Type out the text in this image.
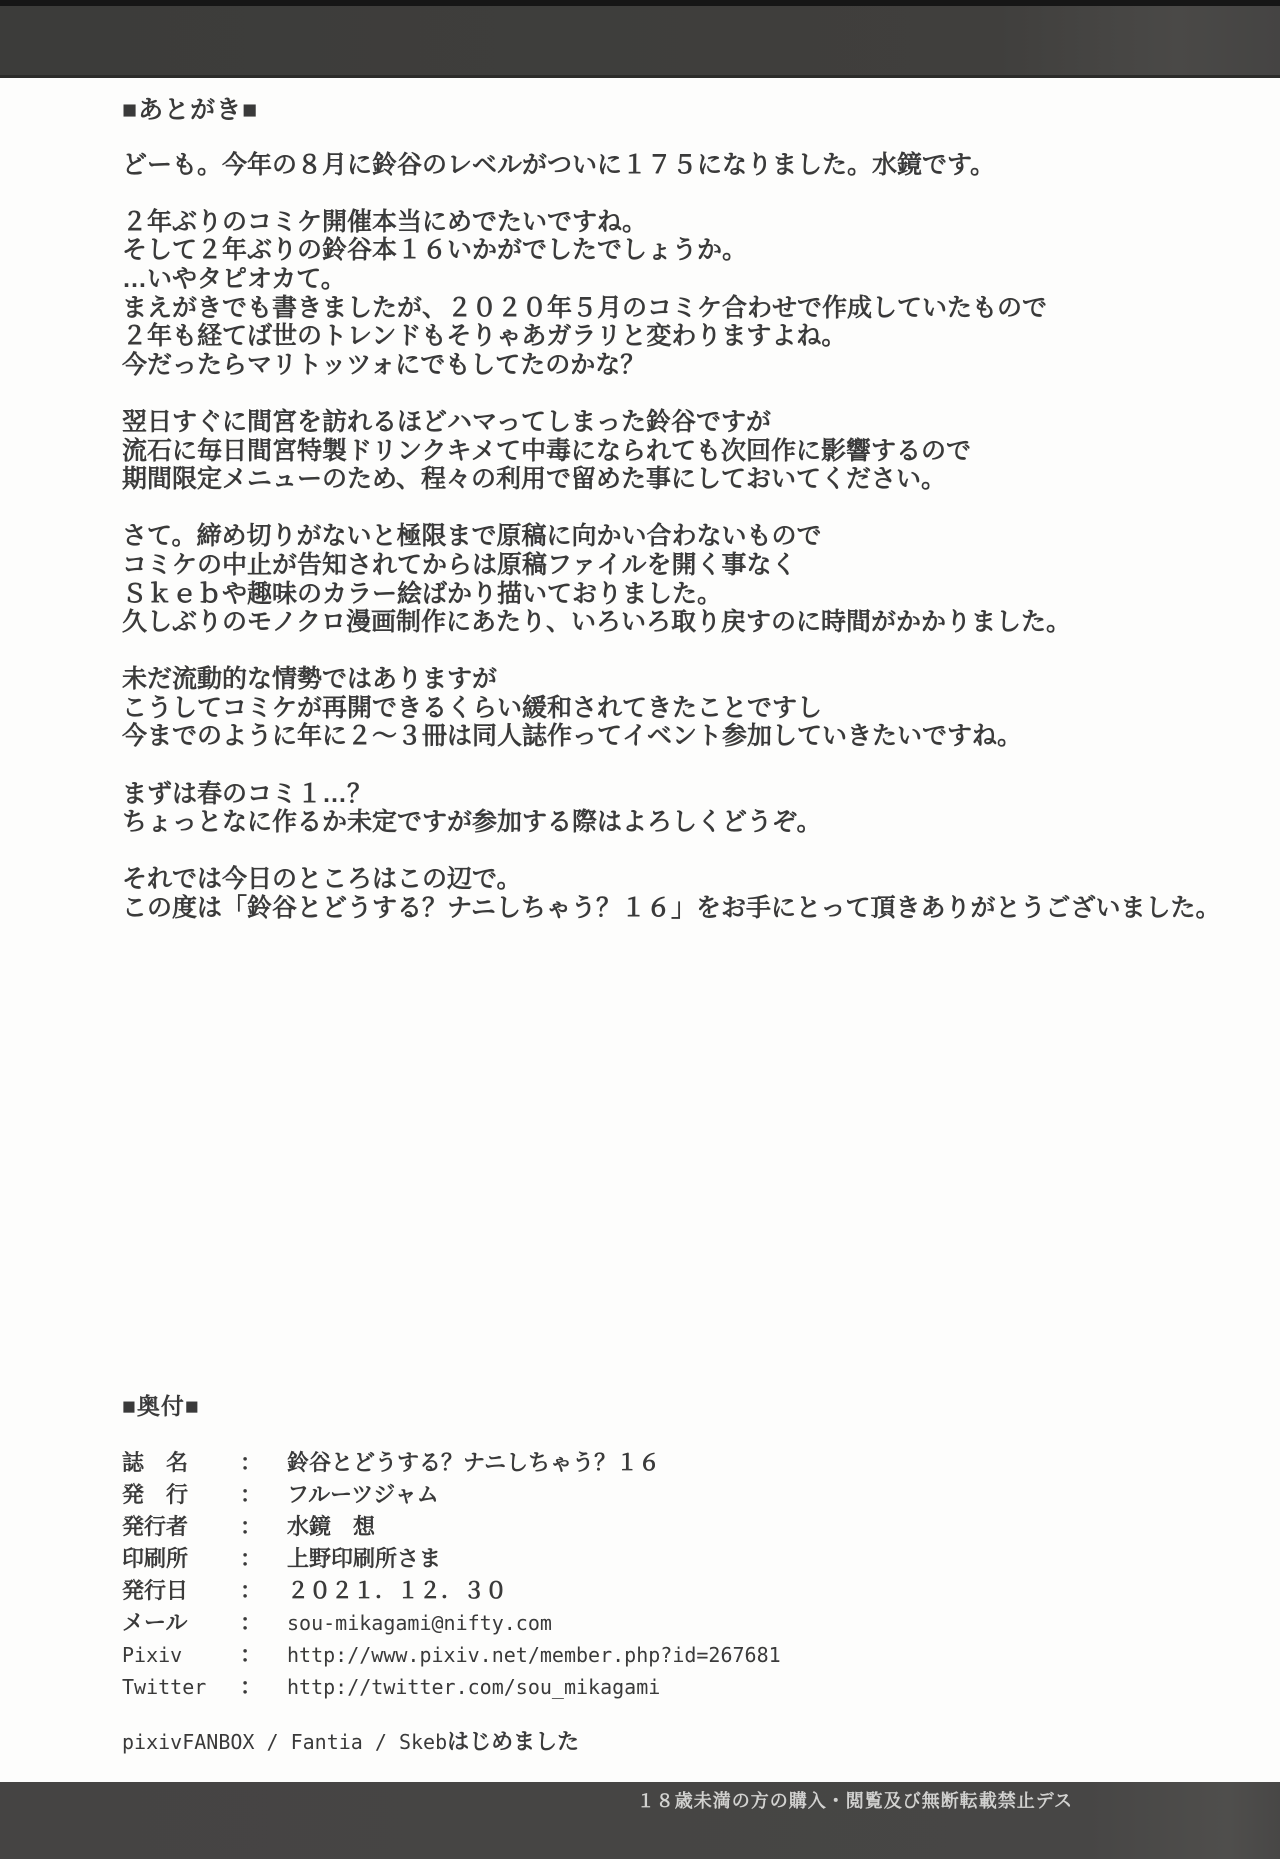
■あとがき■

どーも。今年の８月に鈴谷のレベルがついに１７５になりました。水鏡です。

２年ぶりのコミケ開催本当にめでたいですね。
そして２年ぶりの鈴谷本１６いかがでしたでしょうか。
…いやタピオカて。
まえがきでも書きましたが、２０２０年５月のコミケ合わせで作成していたもので
２年も経てば世のトレンドもそりゃあガラリと変わりますよね。
今だったらマリトッツォにでもしてたのかな？

翌日すぐに間宮を訪れるほどハマってしまった鈴谷ですが
流石に毎日間宮特製ドリンクキメて中毒になられても次回作に影響するので
期間限定メニューのため、程々の利用で留めた事にしておいてください。

さて。締め切りがないと極限まで原稿に向かい合わないもので
コミケの中止が告知されてからは原稿ファイルを開く事なく
Ｓｋｅｂや趣味のカラー絵ばかり描いておりました。
久しぶりのモノクロ漫画制作にあたり、いろいろ取り戻すのに時間がかかりました。

未だ流動的な情勢ではありますが
こうしてコミケが再開できるくらい緩和されてきたことですし
今までのように年に２～３冊は同人誌作ってイベント参加していきたいですね。

まずは春のコミ１…？
ちょっとなに作るか未定ですが参加する際はよろしくどうぞ。

それでは今日のところはこの辺で。
この度は「鈴谷とどうする？ナニしちゃう？１６」をお手にとって頂きありがとうございました。

■奥付■
誌　名	：	鈴谷とどうする？ナニしちゃう？１６
発　行	：	フルーツジャム
発行者	：	水鏡　想
印刷所	：	上野印刷所さま
発行日	：	２０２１．１２．３０
メール	：	sou-mikagami@nifty.com
Pixiv	：	http://www.pixiv.net/member.php?id=267681
Twitter	：	http://twitter.com/sou_mikagami
pixivFANBOX / Fantia / Skebはじめました
１８歳未満の方の購入・閲覧及び無断転載禁止デス
